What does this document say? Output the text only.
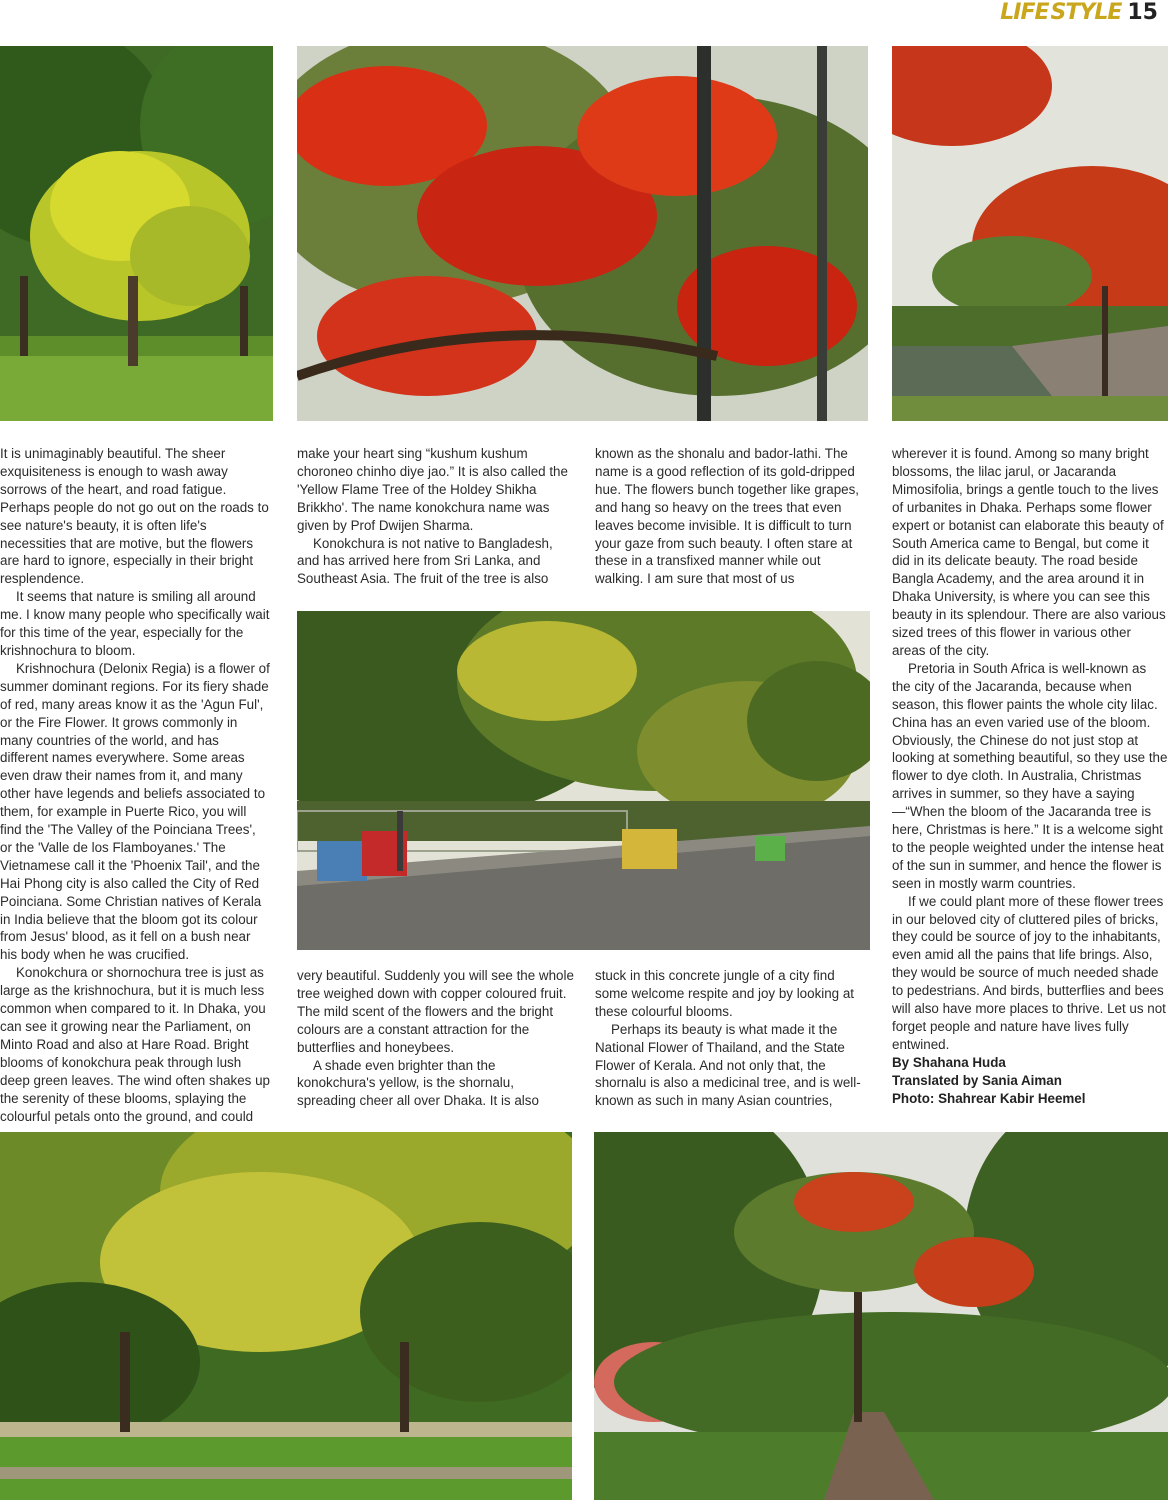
LIFE STYLE 15

It is unimaginably beautiful. The sheer exquisiteness is enough to wash away sorrows of the heart, and road fatigue. Perhaps people do not go out on the roads to see nature's beauty, it is often life's necessities that are motive, but the flowers are hard to ignore, especially in their bright resplendence.

It seems that nature is smiling all around me. I know many people who specifically wait for this time of the year, especially for the krishnochura to bloom.

Krishnochura (Delonix Regia) is a flower of summer dominant regions. For its fiery shade of red, many areas know it as the 'Agun Ful', or the Fire Flower. It grows commonly in many countries of the world, and has different names everywhere. Some areas even draw their names from it, and many other have legends and beliefs associated to them, for example in Puerte Rico, you will find the 'The Valley of the Poinciana Trees', or the 'Valle de los Flamboyanes.' The Vietnamese call it the 'Phoenix Tail', and the Hai Phong city is also called the City of Red Poinciana. Some Christian natives of Kerala in India believe that the bloom got its colour from Jesus' blood, as it fell on a bush near his body when he was crucified.

Konokchura or shornochura tree is just as large as the krishnochura, but it is much less common when compared to it. In Dhaka, you can see it growing near the Parliament, on Minto Road and also at Hare Road. Bright blooms of konokchura peak through lush deep green leaves. The wind often shakes up the serenity of these blooms, splaying the colourful petals onto the ground, and could

make your heart sing “kushum kushum choroneo chinho diye jao.” It is also called the 'Yellow Flame Tree of the Holdey Shikha Brikkho'. The name konokchura name was given by Prof Dwijen Sharma.

Konokchura is not native to Bangladesh, and has arrived here from Sri Lanka, and Southeast Asia. The fruit of the tree is also

known as the shonalu and bador-lathi. The name is a good reflection of its gold-dripped hue. The flowers bunch together like grapes, and hang so heavy on the trees that even leaves become invisible. It is difficult to turn your gaze from such beauty. I often stare at these in a transfixed manner while out walking. I am sure that most of us

wherever it is found. Among so many bright blossoms, the lilac jarul, or Jacaranda Mimosifolia, brings a gentle touch to the lives of urbanites in Dhaka. Perhaps some flower expert or botanist can elaborate this beauty of South America came to Bengal, but come it did in its delicate beauty. The road beside Bangla Academy, and the area around it in Dhaka University, is where you can see this beauty in its splendour. There are also various sized trees of this flower in various other areas of the city.

Pretoria in South Africa is well-known as the city of the Jacaranda, because when season, this flower paints the whole city lilac. China has an even varied use of the bloom. Obviously, the Chinese do not just stop at looking at something beautiful, so they use the flower to dye cloth. In Australia, Christmas arrives in summer, so they have a saying—“When the bloom of the Jacaranda tree is here, Christmas is here.” It is a welcome sight to the people weighted under the intense heat of the sun in summer, and hence the flower is seen in mostly warm countries.

If we could plant more of these flower trees in our beloved city of cluttered piles of bricks, they could be source of joy to the inhabitants, even amid all the pains that life brings. Also, they would be source of much needed shade to pedestrians. And birds, butterflies and bees will also have more places to thrive. Let us not forget people and nature have lives fully entwined.

By Shahana Huda

Translated by Sania Aiman

Photo: Shahrear Kabir Heemel

very beautiful. Suddenly you will see the whole tree weighed down with copper coloured fruit. The mild scent of the flowers and the bright colours are a constant attraction for the butterflies and honeybees.

A shade even brighter than the konokchura's yellow, is the shornalu, spreading cheer all over Dhaka. It is also

stuck in this concrete jungle of a city find some welcome respite and joy by looking at these colourful blooms.

Perhaps its beauty is what made it the National Flower of Thailand, and the State Flower of Kerala. And not only that, the shornalu is also a medicinal tree, and is well-known as such in many Asian countries,
